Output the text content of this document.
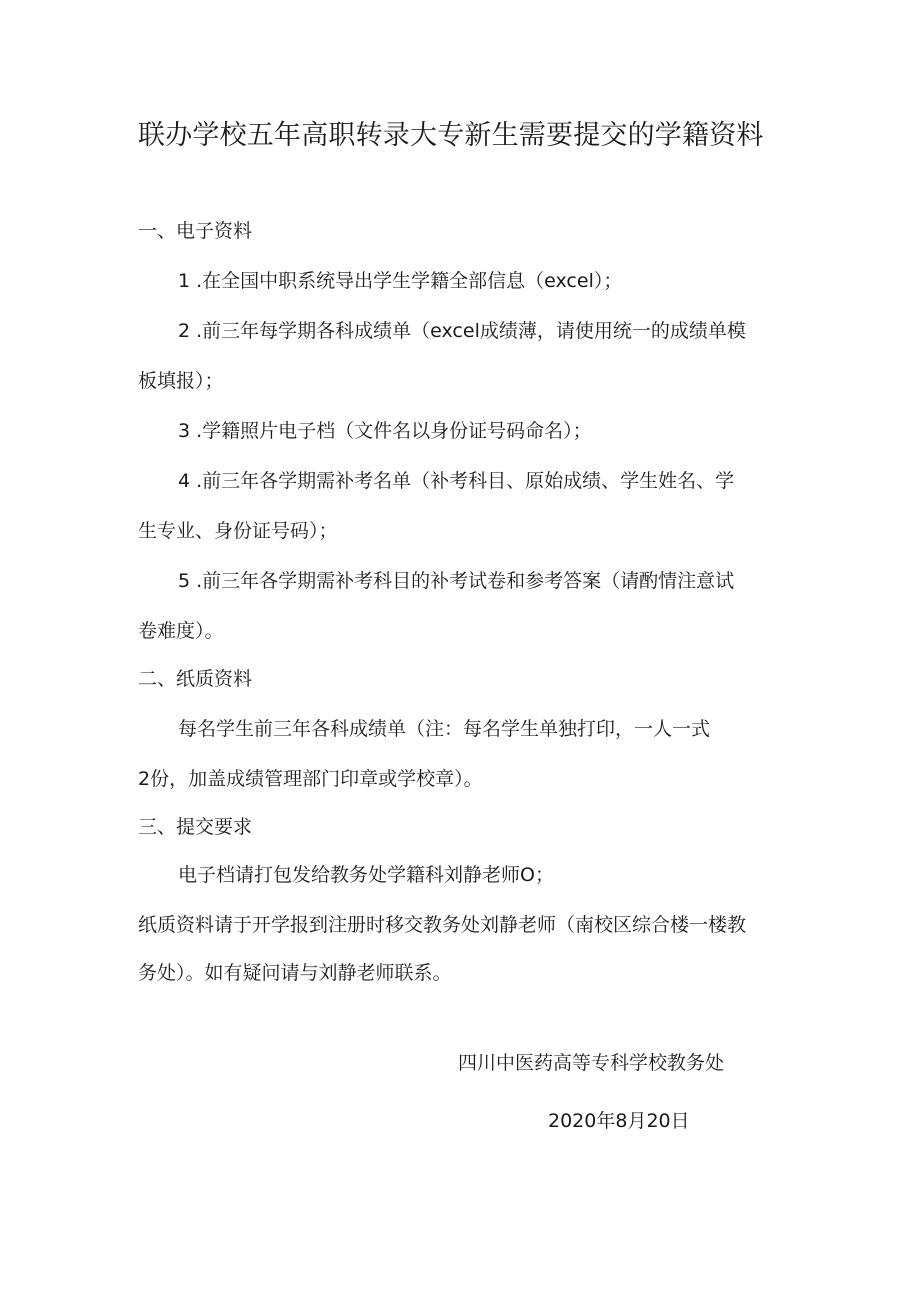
联办学校五年高职转录大专新生需要提交的学籍资料
一、电子资料
1 .在全国中职系统导出学生学籍全部信息（excel）；
2 .前三年每学期各科成绩单（excel成绩薄，请使用统一的成绩单模
板填报）；
3 .学籍照片电子档（文件名以身份证号码命名）；
4 .前三年各学期需补考名单（补考科目、原始成绩、学生姓名、学
生专业、身份证号码）；
5 .前三年各学期需补考科目的补考试卷和参考答案（请酌情注意试
卷难度）。
二、纸质资料
每名学生前三年各科成绩单（注：每名学生单独打印，一人一式
2份，加盖成绩管理部门印章或学校章）。
三、提交要求
电子档请打包发给教务处学籍科刘静老师O；
纸质资料请于开学报到注册时移交教务处刘静老师（南校区综合楼一楼教
务处）。如有疑问请与刘静老师联系。
四川中医药高等专科学校教务处
2020年8月20日
